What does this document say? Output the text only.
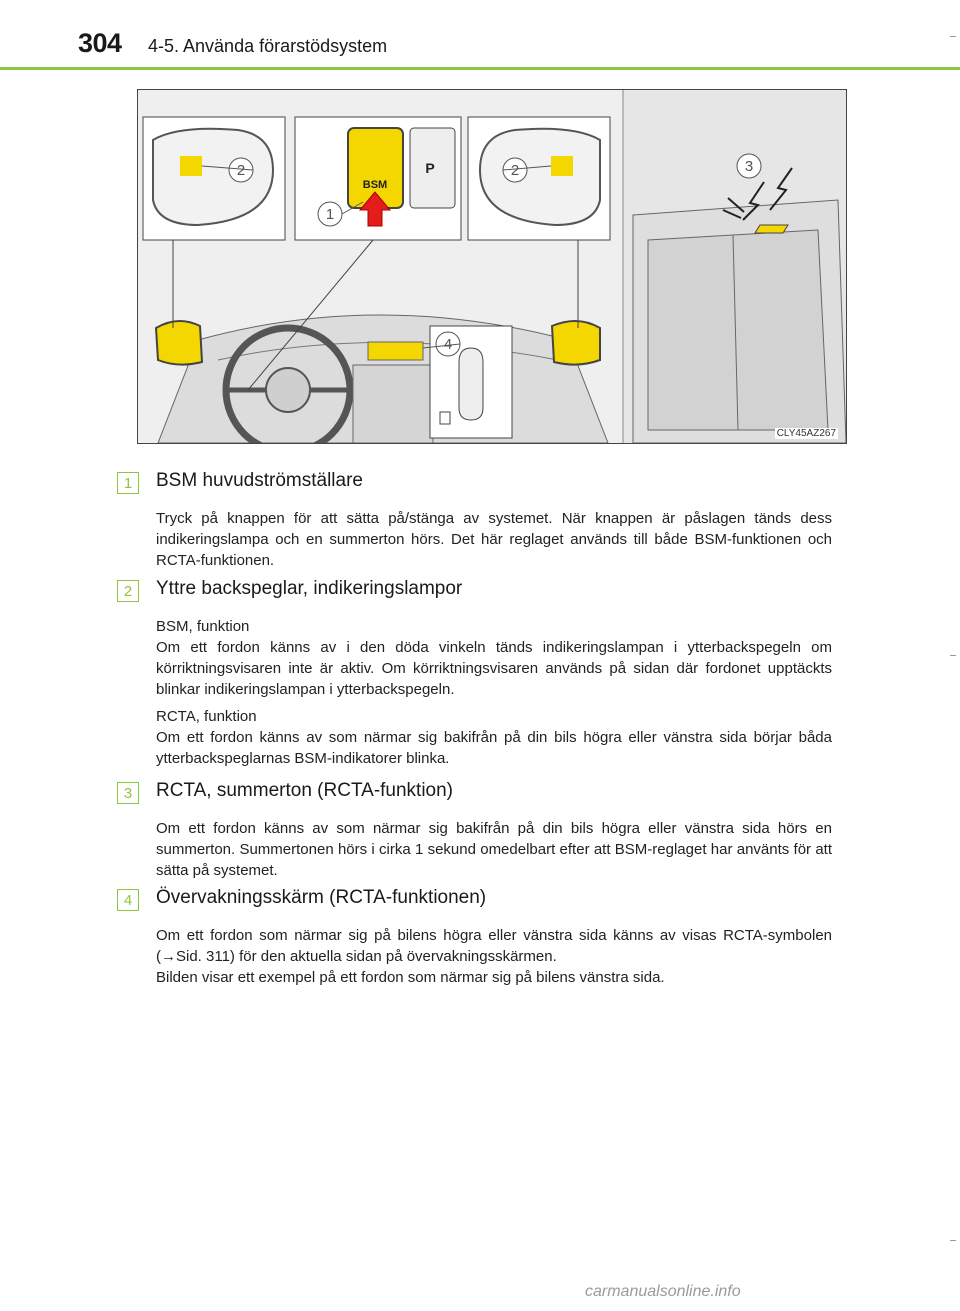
304 4-5. Använda förarstödsystem
BSM
P
1
2	2	3
4
CLY45AZ267
1	BSM huvudströmställare

Tryck på knappen för att sätta på/stänga av systemet. När knappen är påslagen tänds dess indikeringslampa och en summerton hörs. Det här reglaget används till både BSM-funktionen och RCTA-funktionen.

2	Yttre backspeglar, indikeringslampor

BSM, funktion
Om ett fordon känns av i den döda vinkeln tänds indikeringslampan i ytterbackspegeln om körriktningsvisaren inte är aktiv. Om körriktningsvisaren används på sidan där fordonet upptäckts blinkar indikeringslampan i ytterbackspegeln.

RCTA, funktion
Om ett fordon känns av som närmar sig bakifrån på din bils högra eller vänstra sida börjar båda ytterbackspeglarnas BSM-indikatorer blinka.

3	RCTA, summerton (RCTA-funktion)

Om ett fordon känns av som närmar sig bakifrån på din bils högra eller vänstra sida hörs en summerton. Summertonen hörs i cirka 1 sekund omedelbart efter att BSM-reglaget har använts för att sätta på systemet.

4	Övervakningsskärm (RCTA-funktionen)

Om ett fordon som närmar sig på bilens högra eller vänstra sida känns av visas RCTA-symbolen (→Sid. 311) för den aktuella sidan på övervakningsskärmen.

Bilden visar ett exempel på ett fordon som närmar sig på bilens vänstra sida.

carmanualsonline.info
